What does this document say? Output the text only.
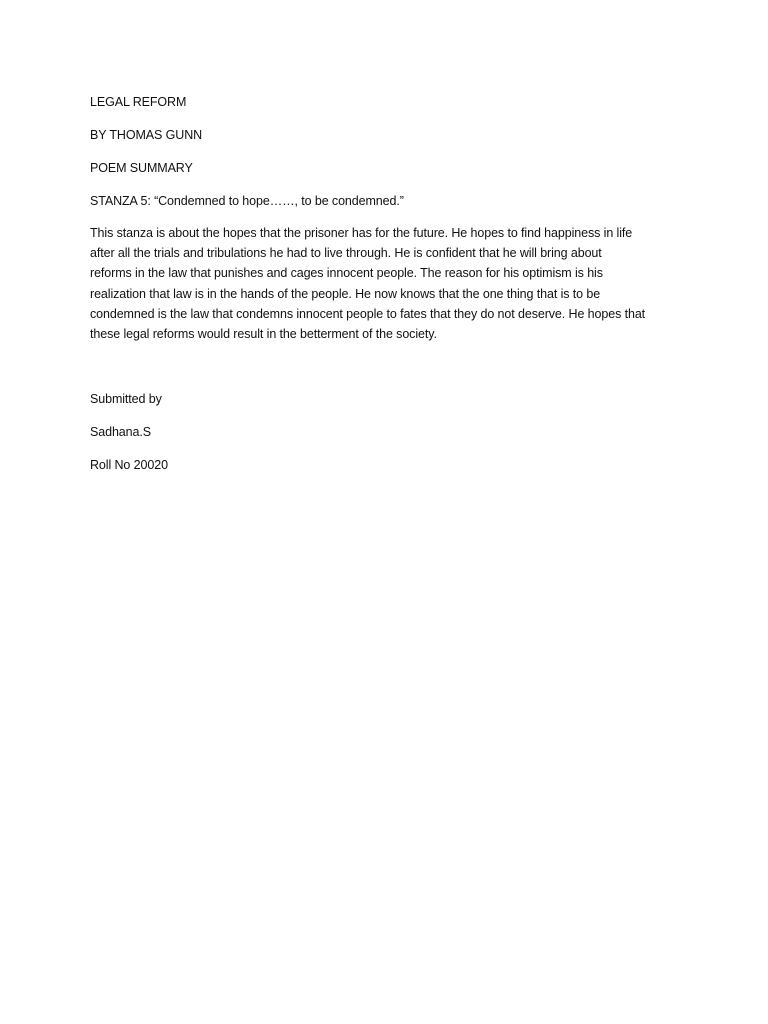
LEGAL REFORM
BY THOMAS GUNN
POEM SUMMARY
STANZA 5: “Condemned to hope……, to be condemned.”
This stanza is about the hopes that the prisoner has for the future. He hopes to find happiness in life
after all the trials and tribulations he had to live through. He is confident that he will bring about
reforms in the law that punishes and cages innocent people. The reason for his optimism is his
realization that law is in the hands of the people. He now knows that the one thing that is to be
condemned is the law that condemns innocent people to fates that they do not deserve. He hopes that
these legal reforms would result in the betterment of the society.
Submitted by
Sadhana.S
Roll No 20020
